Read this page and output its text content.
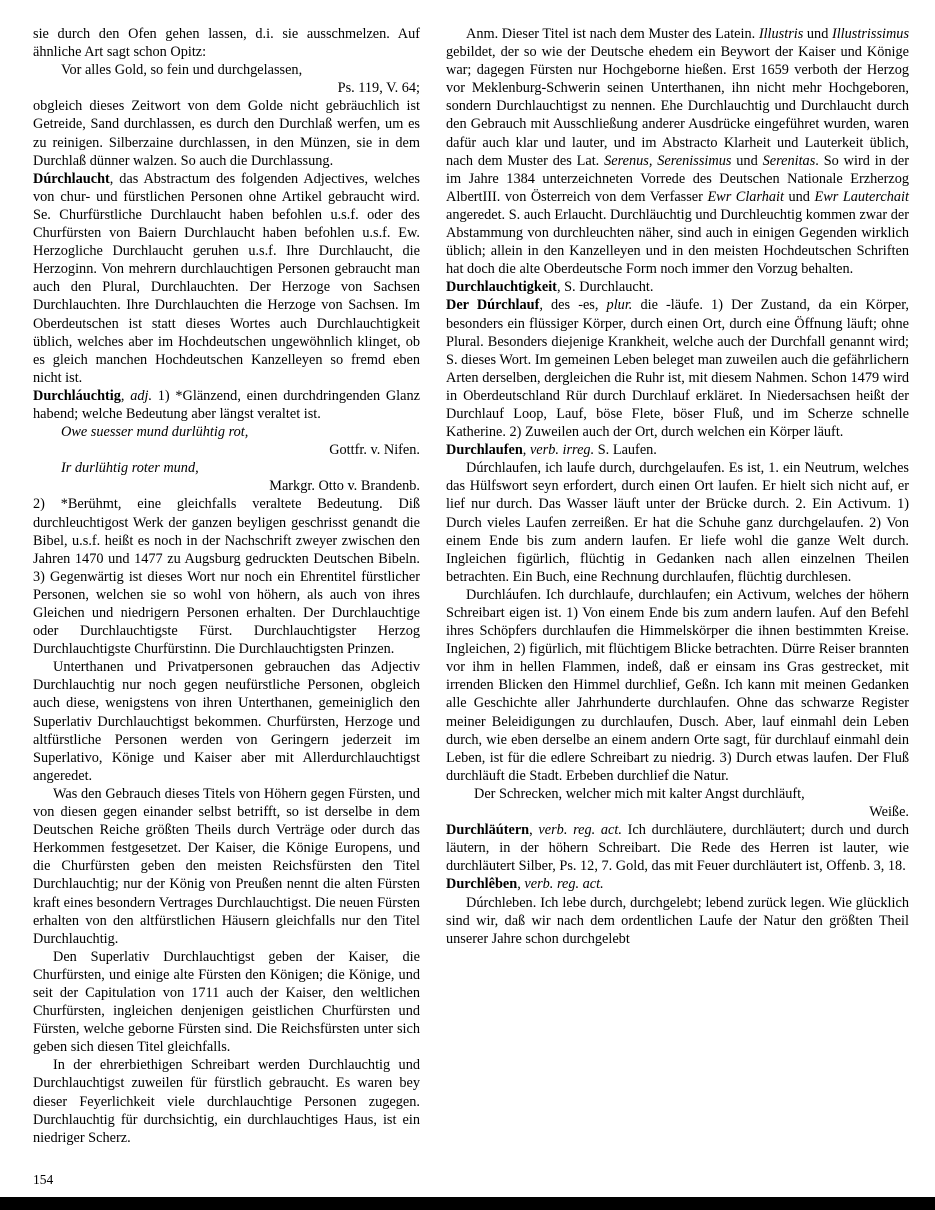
sie durch den Ofen gehen lassen, d.i. sie ausschmelzen. Auf ähnliche Art sagt schon Opitz:

Vor alles Gold, so fein und durchgelassen,

Ps. 119, V. 64;

obgleich dieses Zeitwort von dem Golde nicht gebräuchlich ist Getreide, Sand durchlassen, es durch den Durchlaß werfen, um es zu reinigen. Silberzaine durchlassen, in den Münzen, sie in dem Durchlaß dünner walzen. So auch die Durchlassung.

Dúrchlaucht, das Abstractum des folgenden Adjectives, welches von chur- und fürstlichen Personen ohne Artikel gebraucht wird. Se. Churfürstliche Durchlaucht haben befohlen u.s.f. oder des Churfürsten von Baiern Durchlaucht haben befohlen u.s.f. Ew. Herzogliche Durchlaucht geruhen u.s.f. Ihre Durchlaucht, die Herzoginn. Von mehrern durchlauchtigen Personen gebraucht man auch den Plural, Durchlauchten. Der Herzoge von Sachsen Durchlauchten. Ihre Durchlauchten die Herzoge von Sachsen. Im Oberdeutschen ist statt dieses Wortes auch Durchlauchtigkeit üblich, welches aber im Hochdeutschen ungewöhnlich klinget, ob es gleich manchen Hochdeutschen Kanzelleyen so fremd eben nicht ist.

Durchláuchtig, adj. 1) *Glänzend, einen durchdringenden Glanz habend; welche Bedeutung aber längst veraltet ist.

Owe suesser mund durlühtig rot,

Gottfr. v. Nifen.

Ir durlühtig roter mund,

Markgr. Otto v. Brandenb.

2) *Berühmt, eine gleichfalls veraltete Bedeutung. Diß durchleuchtigost Werk der ganzen beyligen geschrisst genandt die Bibel, u.s.f. heißt es noch in der Nachschrift zweyer zwischen den Jahren 1470 und 1477 zu Augsburg gedruckten Deutschen Bibeln. 3) Gegenwärtig ist dieses Wort nur noch ein Ehrentitel fürstlicher Personen, welchen sie so wohl von höhern, als auch von ihres Gleichen und niedrigern Personen erhalten. Der Durchlauchtige oder Durchlauchtigste Fürst. Durchlauchtigster Herzog Durchlauchtigste Churfürstinn. Die Durchlauchtigsten Prinzen.

Unterthanen und Privatpersonen gebrauchen das Adjectiv Durchlauchtig nur noch gegen neufürstliche Personen, obgleich auch diese, wenigstens von ihren Unterthanen, gemeiniglich den Superlativ Durchlauchtigst bekommen. Churfürsten, Herzoge und altfürstliche Personen werden von Geringern jederzeit im Superlativo, Könige und Kaiser aber mit Allerdurchlauchtigst angeredet.

Was den Gebrauch dieses Titels von Höhern gegen Fürsten, und von diesen gegen einander selbst betrifft, so ist derselbe in dem Deutschen Reiche größten Theils durch Verträge oder durch das Herkommen festgesetzet. Der Kaiser, die Könige Europens, und die Churfürsten geben den meisten Reichsfürsten den Titel Durchlauchtig; nur der König von Preußen nennt die alten Fürsten kraft eines besondern Vertrages Durchlauchtigst. Die neuen Fürsten erhalten von den altfürstlichen Häusern gleichfalls nur den Titel Durchlauchtig.

Den Superlativ Durchlauchtigst geben der Kaiser, die Churfürsten, und einige alte Fürsten den Königen; die Könige, und seit der Capitulation von 1711 auch der Kaiser, den weltlichen Churfürsten, ingleichen denjenigen geistlichen Churfürsten und Fürsten, welche geborne Fürsten sind. Die Reichsfürsten unter sich geben sich diesen Titel gleichfalls.

In der ehrerbiethigen Schreibart werden Durchlauchtig und Durchlauchtigst zuweilen für fürstlich gebraucht. Es waren bey dieser Feyerlichkeit viele durchlauchtige Personen zugegen. Durchlauchtig für durchsichtig, ein durchlauchtiges Haus, ist ein niedriger Scherz.

Anm. Dieser Titel ist nach dem Muster des Latein. Illustris und Illustrissimus gebildet, der so wie der Deutsche ehedem ein Beywort der Kaiser und Könige war; dagegen Fürsten nur Hochgeborne hießen. Erst 1659 verboth der Herzog vor Meklenburg-Schwerin seinen Unterthanen, ihn nicht mehr Hochgeboren, sondern Durchlauchtigst zu nennen. Ehe Durchlauchtig und Durchlaucht durch den Gebrauch mit Ausschließung anderer Ausdrücke eingeführet wurden, waren dafür auch klar und lauter, und im Abstracto Klarheit und Lauterkeit üblich, nach dem Muster des Lat. Serenus, Serenissimus und Serenitas. So wird in der im Jahre 1384 unterzeichneten Vorrede des Deutschen Nationale Erzherzog AlbertIII. von Österreich von dem Verfasser Ewr Clarhait und Ewr Lauterchait angeredet. S. auch Erlaucht. Durchläuchtig und Durchleuchtig kommen zwar der Abstammung von durchleuchten näher, sind auch in einigen Gegenden wirklich üblich; allein in den Kanzelleyen und in den meisten Hochdeutschen Schriften hat doch die alte Oberdeutsche Form noch immer den Vorzug behalten.

Durchlauchtigkeit, S. Durchlaucht.

Der Dúrchlauf, des -es, plur. die -läufe. 1) Der Zustand, da ein Körper, besonders ein flüssiger Körper, durch einen Ort, durch eine Öffnung läuft; ohne Plural. Besonders diejenige Krankheit, welche auch der Durchfall genannt wird; S. dieses Wort. Im gemeinen Leben beleget man zuweilen auch die gefährlichern Arten derselben, dergleichen die Ruhr ist, mit diesem Nahmen. Schon 1479 wird in Oberdeutschland Rür durch Durchlauf erkläret. In Niedersachsen heißt der Durchlauf Loop, Lauf, böse Flete, böser Fluß, und im Scherze schnelle Katherine. 2) Zuweilen auch der Ort, durch welchen ein Körper läuft.

Durchlaufen, verb. irreg. S. Laufen.

Dúrchlaufen, ich laufe durch, durchgelaufen. Es ist, 1. ein Neutrum, welches das Hülfswort seyn erfordert, durch einen Ort laufen. Er hielt sich nicht auf, er lief nur durch. Das Wasser läuft unter der Brücke durch. 2. Ein Activum. 1) Durch vieles Laufen zerreißen. Er hat die Schuhe ganz durchgelaufen. 2) Von einem Ende bis zum andern laufen. Er liefe wohl die ganze Welt durch. Ingleichen figürlich, flüchtig in Gedanken nach allen einzelnen Theilen betrachten. Ein Buch, eine Rechnung durchlaufen, flüchtig durchlesen.

Durchláufen. Ich durchlaufe, durchlaufen; ein Activum, welches der höhern Schreibart eigen ist. 1) Von einem Ende bis zum andern laufen. Auf den Befehl ihres Schöpfers durchlaufen die Himmelskörper die ihnen bestimmten Kreise. Ingleichen, 2) figürlich, mit flüchtigem Blicke betrachten. Dürre Reiser brannten vor ihm in hellen Flammen, indeß, daß er einsam ins Gras gestrecket, mit irrenden Blicken den Himmel durchlief, Geßn. Ich kann mit meinen Gedanken alle Geschichte aller Jahrhunderte durchlaufen. Ohne das schwarze Register meiner Beleidigungen zu durchlaufen, Dusch. Aber, lauf einmahl dein Leben durch, wie eben derselbe an einem andern Orte sagt, für durchlauf einmahl dein Leben, ist für die edlere Schreibart zu niedrig. 3) Durch etwas laufen. Der Fluß durchläuft die Stadt. Erbeben durchlief die Natur.

Der Schrecken, welcher mich mit kalter Angst durchläuft,

Weiße.

Durchläútern, verb. reg. act. Ich durchläutere, durchläutert; durch und durch läutern, in der höhern Schreibart. Die Rede des Herren ist lauter, wie durchläutert Silber, Ps. 12, 7. Gold, das mit Feuer durchläutert ist, Offenb. 3, 18.

Durchlêben, verb. reg. act.

Dúrchleben. Ich lebe durch, durchgelebt; lebend zurück legen. Wie glücklich sind wir, daß wir nach dem ordentlichen Laufe der Natur den größten Theil unserer Jahre schon durchgelebt

154
